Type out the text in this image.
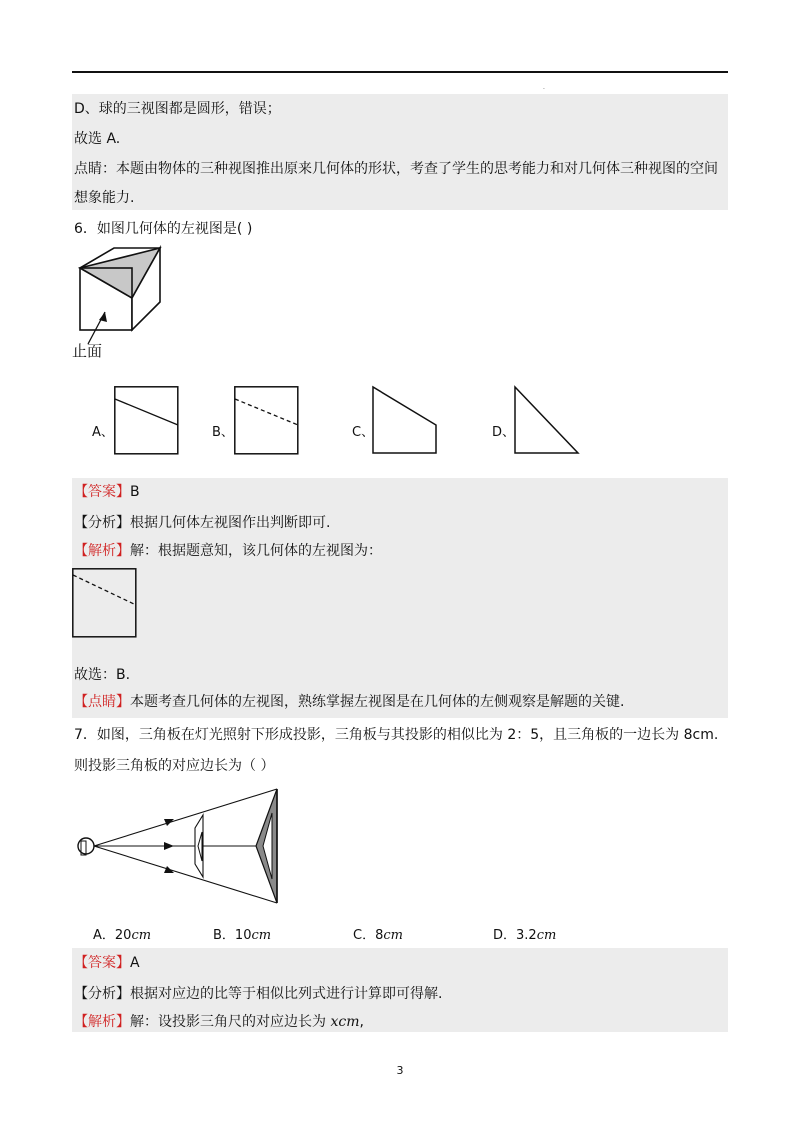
.
D、球的三视图都是圆形，错误；
故选 A.
点睛：本题由物体的三种视图推出原来几何体的形状，考查了学生的思考能力和对几何体三种视图的空间
想象能力.
6．如图几何体的左视图是( )
止面
A、	B、	C、	D、
【答案】B
【分析】根据几何体左视图作出判断即可.
【解析】解：根据题意知，该几何体的左视图为：
故选：B.
【点睛】本题考查几何体的左视图，熟练掌握左视图是在几何体的左侧观察是解题的关键.
7．如图，三角板在灯光照射下形成投影，三角板与其投影的相似比为 2：5，且三角板的一边长为 8cm.
则投影三角板的对应边长为（ ）
A．20cm	B．10cm	C．8cm	D．3.2cm
【答案】A
【分析】根据对应边的比等于相似比列式进行计算即可得解.
【解析】解：设投影三角尺的对应边长为 xcm,
3
